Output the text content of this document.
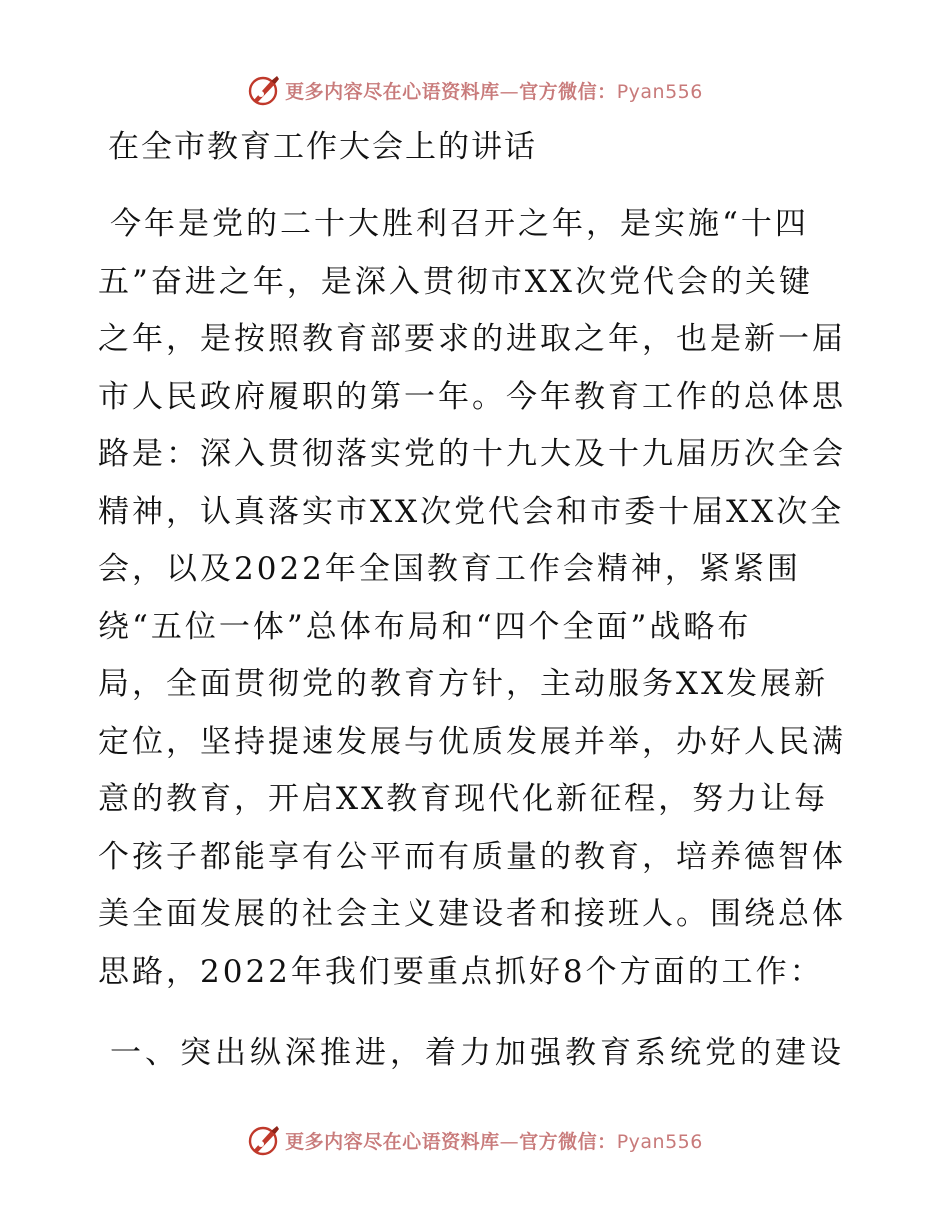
更多内容尽在心语资料库—官方微信：Pyan556
在全市教育工作大会上的讲话
今年是党的二十大胜利召开之年，是实施“十四
五”奋进之年，是深入贯彻市XX次党代会的关键
之年，是按照教育部要求的进取之年，也是新一届
市人民政府履职的第一年。今年教育工作的总体思
路是：深入贯彻落实党的十九大及十九届历次全会
精神，认真落实市XX次党代会和市委十届XX次全
会，以及2022年全国教育工作会精神，紧紧围
绕“五位一体”总体布局和“四个全面”战略布
局，全面贯彻党的教育方针，主动服务XX发展新
定位，坚持提速发展与优质发展并举，办好人民满
意的教育，开启XX教育现代化新征程，努力让每
个孩子都能享有公平而有质量的教育，培养德智体
美全面发展的社会主义建设者和接班人。围绕总体
思路，2022年我们要重点抓好8个方面的工作：
一、突出纵深推进，着力加强教育系统党的建设
更多内容尽在心语资料库—官方微信：Pyan556
